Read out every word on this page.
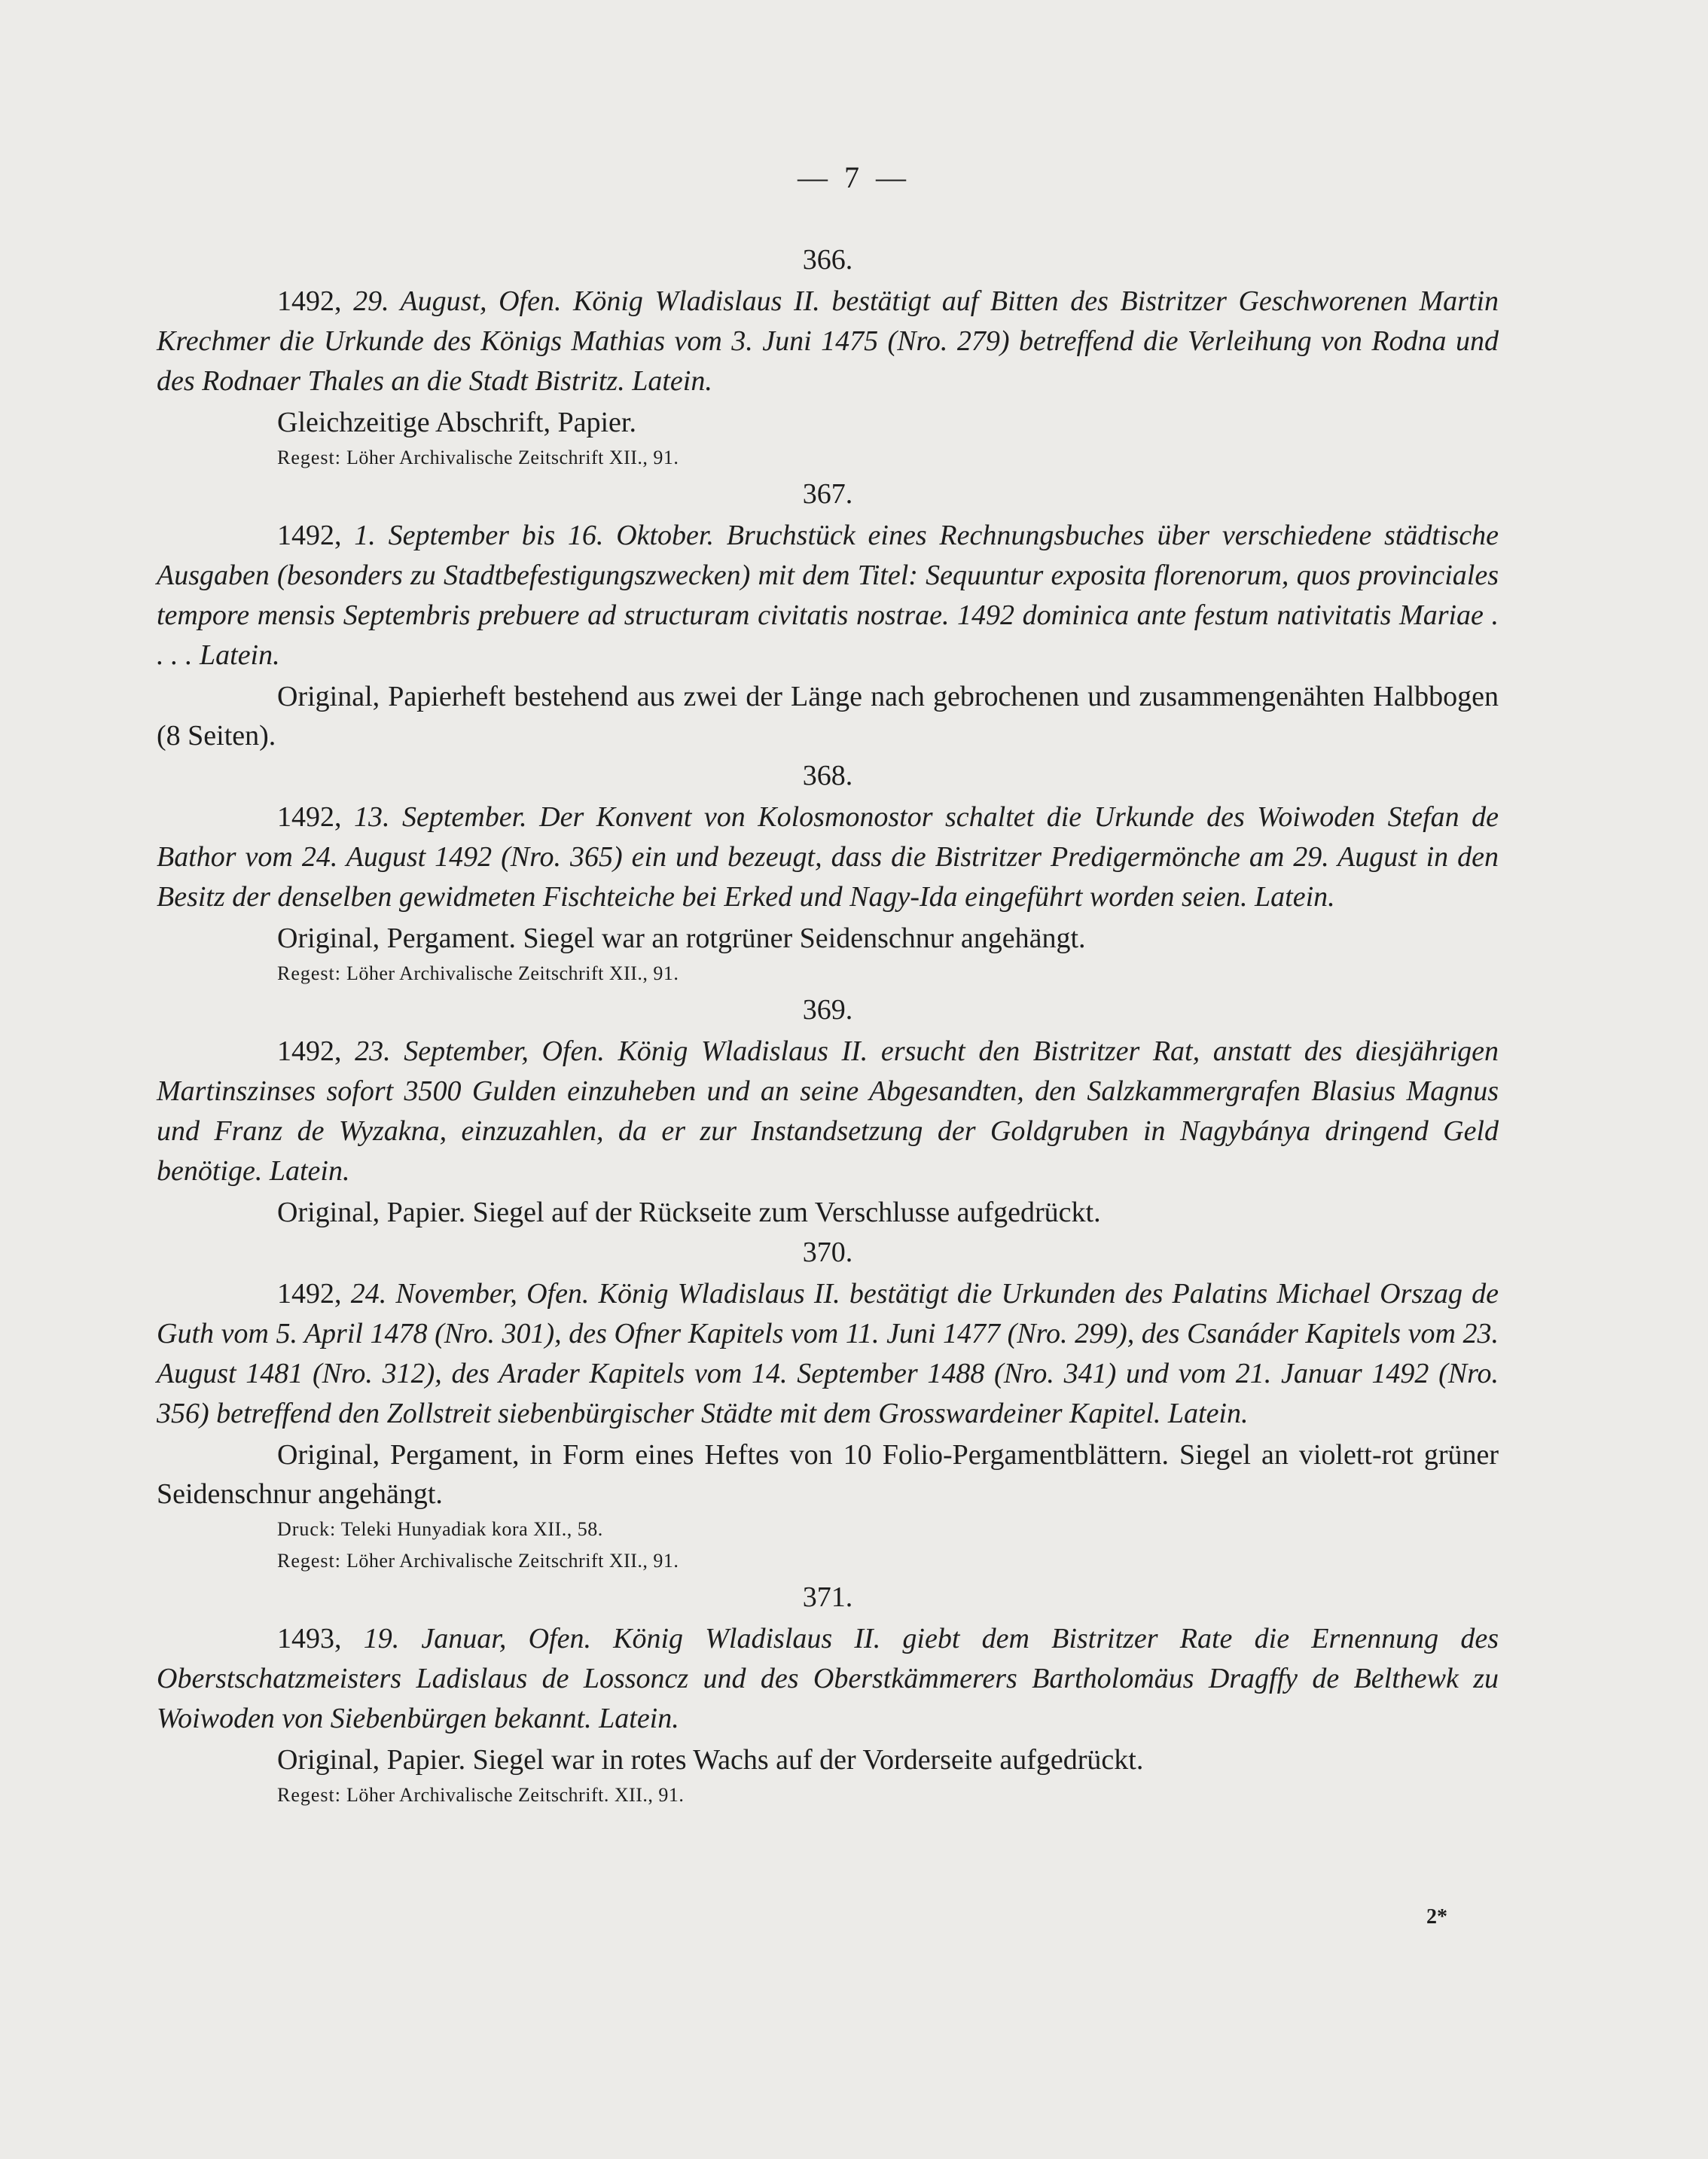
— 7 —
366.

1492, 29. August, Ofen. König Wladislaus II. bestätigt auf Bitten des Bistritzer Geschworenen Martin Krechmer die Urkunde des Königs Mathias vom 3. Juni 1475 (Nro. 279) betreffend die Verleihung von Rodna und des Rodnaer Thales an die Stadt Bistritz. Latein.

Gleichzeitige Abschrift, Papier.

Regest: Löher Archivalische Zeitschrift XII., 91.

367.

1492, 1. September bis 16. Oktober. Bruchstück eines Rechnungsbuches über verschiedene städtische Ausgaben (besonders zu Stadtbefestigungszwecken) mit dem Titel: Sequuntur exposita florenorum, quos provinciales tempore mensis Septembris prebuere ad structuram civitatis nostrae. 1492 dominica ante festum nativitatis Mariae . . . . Latein.

Original, Papierheft bestehend aus zwei der Länge nach gebrochenen und zusammengenähten Halbbogen (8 Seiten).

368.

1492, 13. September. Der Konvent von Kolosmonostor schaltet die Urkunde des Woiwoden Stefan de Bathor vom 24. August 1492 (Nro. 365) ein und bezeugt, dass die Bistritzer Predigermönche am 29. August in den Besitz der denselben gewidmeten Fischteiche bei Erked und Nagy-Ida eingeführt worden seien. Latein.

Original, Pergament. Siegel war an rotgrüner Seidenschnur angehängt.

Regest: Löher Archivalische Zeitschrift XII., 91.

369.

1492, 23. September, Ofen. König Wladislaus II. ersucht den Bistritzer Rat, anstatt des diesjährigen Martinszinses sofort 3500 Gulden einzuheben und an seine Abgesandten, den Salzkammergrafen Blasius Magnus und Franz de Wyzakna, einzuzahlen, da er zur Instandsetzung der Goldgruben in Nagybánya dringend Geld benötige. Latein.

Original, Papier. Siegel auf der Rückseite zum Verschlusse aufgedrückt.

370.

1492, 24. November, Ofen. König Wladislaus II. bestätigt die Urkunden des Palatins Michael Orszag de Guth vom 5. April 1478 (Nro. 301), des Ofner Kapitels vom 11. Juni 1477 (Nro. 299), des Csanáder Kapitels vom 23. August 1481 (Nro. 312), des Arader Kapitels vom 14. September 1488 (Nro. 341) und vom 21. Januar 1492 (Nro. 356) betreffend den Zollstreit siebenbürgischer Städte mit dem Grosswardeiner Kapitel. Latein.

Original, Pergament, in Form eines Heftes von 10 Folio-Pergamentblättern. Siegel an violett-rot grüner Seidenschnur angehängt.

Druck: Teleki Hunyadiak kora XII., 58.

Regest: Löher Archivalische Zeitschrift XII., 91.

371.

1493, 19. Januar, Ofen. König Wladislaus II. giebt dem Bistritzer Rate die Ernennung des Oberstschatzmeisters Ladislaus de Lossoncz und des Oberstkämmerers Bartholomäus Dragffy de Belthewk zu Woiwoden von Siebenbürgen bekannt. Latein.

Original, Papier. Siegel war in rotes Wachs auf der Vorderseite aufgedrückt.

Regest: Löher Archivalische Zeitschrift. XII., 91.

2*
